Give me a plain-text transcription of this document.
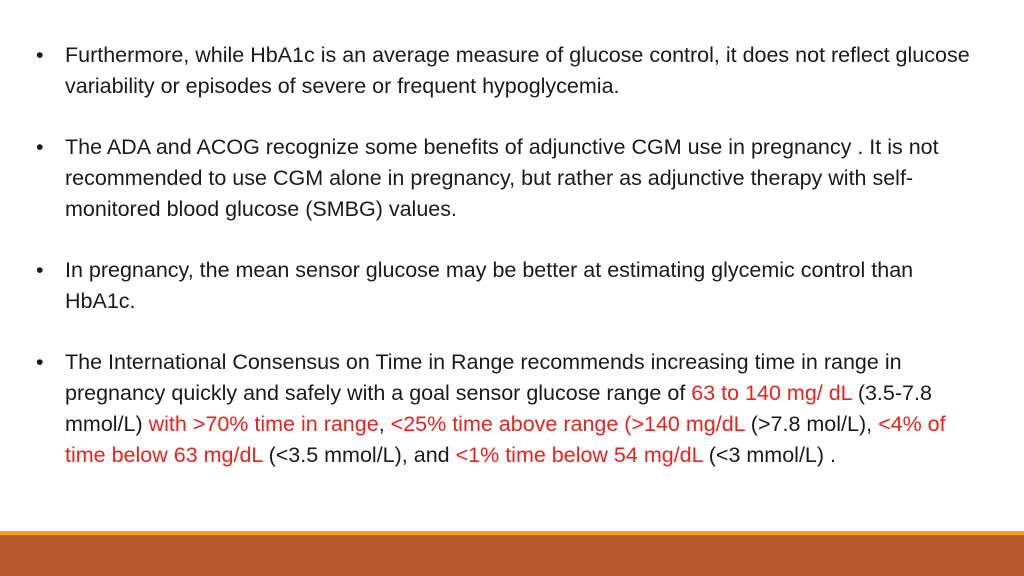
• Furthermore, while HbA1c is an average measure of glucose control, it does not reflect glucose variability or episodes of severe or frequent hypoglycemia.
• The ADA and ACOG recognize some benefits of adjunctive CGM use in pregnancy . It is not recommended to use CGM alone in pregnancy, but rather as adjunctive therapy with self-monitored blood glucose (SMBG) values.
• In pregnancy, the mean sensor glucose may be better at estimating glycemic control than HbA1c.
• The International Consensus on Time in Range recommends increasing time in range in pregnancy quickly and safely with a goal sensor glucose range of 63 to 140 mg/ dL (3.5-7.8 mmol/L) with >70% time in range, <25% time above range (>140 mg/dL (>7.8 mol/L), <4% of time below 63 mg/dL (<3.5 mmol/L), and <1% time below 54 mg/dL (<3 mmol/L) .
